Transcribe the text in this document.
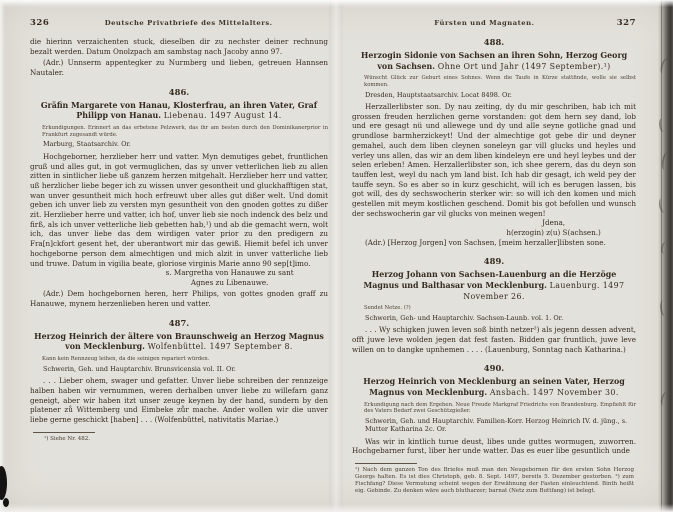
326	Deutsche Privatbriefe des Mittelalters.

die hierinn verzaichenten stuck, dieselben dir zu nechster deiner rechnung bezalt werden. Datum Onolzpach am sambstag nach Jacoby anno 97.

(Adr.) Unnserm appentegker zu Nurmberg und lieben, getreuen Hannsen Nautaler.

486.
Gräfin Margarete von Hanau, Klosterfrau, an ihren Vater, Graf Philipp von Hanau. Liebenau. 1497 August 14.
Erkundigungen. Erinnert an das erbetene Pelzwerk, das ihr am besten durch den Dominikanerprior in Frankfurt zugesandt würde.
Marburg, Staatsarchiv. Or.

Hochgeborner, herzlieber herr und vatter. Myn demutiges gebet, fruntlichen gruß und alles gut, in got vermuglichen, das sy unver vetterlichen lieb zu allen zitten in sintlicher liebe uß ganzem herzen mitgehalt. Herzlieber herr und vatter, uß herzlicher liebe beger ich zu wissen unver gesontheit und gluckhafftigen stat, wan unver gesuntheit mich hoch erfreuwt uber alles gut dißer welt. Und domit geben ich unver lieb zu versten myn gesuntheit von den gnoden gottes zu dißer zit. Herzlieber herre und vatter, ich hof, unver lieb sie noch indenck des belz und firß, als ich unver vetterliche lieb gebetten hab,¹) und ab die gemacht wern, wolt ich, das unver liebe das dem wirdigen vater prior zu den predigern zu Fra[n]ckfort gesent het, der uberantwort mir das gewiß. Hiemit befel ich unver hochgeborne person dem almechtigen und mich alzit in unver vatterliche lieb und truwe. Datum in vigilia beate, gloriose virginis Marie anno 90 sep[t]imo.

s. Margretha von Hanauwe zu sant
Agnes zu Libenauwe.

(Adr.) Dem hochgebornen heren, herr Philips, von gottes gnoden graff zu Hanauwe, mynem herzenlieben heren und vatter.

487.
Herzog Heinrich der ältere von Braunschweig an Herzog Magnus von Mecklenburg. Wolfenbüttel. 1497 September 8.
Kann kein Rennzeug leihen, da die seinigen repariert würden.
Schwerin, Geh. und Hauptarchiv. Brunsvicensia vol. II. Or.

. . . Lieber ohem, swager und gefatter. Unver liebe schreiben der rennzeige halben haben wir vernummen, weren derhalben unver liebe zu willefarn ganz geneigt, aber wir haben itzt unser zeuge keynen by der hand, sundern by den platener zů Wittemberg und Eimbeke zůr mache. Ander wollen wir die unver liebe gerne geschickt [haben] . . . (Wolfenbüttel, nativitatis Mariae.)

¹) Siehe Nr. 482.
Fürsten und Magnaten.	327
488.
Herzogin Sidonie von Sachsen an ihren Sohn, Herzog Georg von Sachsen. Ohne Ort und Jahr (1497 September).¹)
Wünscht Glück zur Geburt eines Sohnes. Wenn die Taufe in Kürze stattfinde, wolle sie selbst kommen.
Dresden, Hauptstaatsarchiv. Locat 8498. Or.

Herzallerlibster son. Dy nau zeiting, dy du mir geschriben, hab ich mit grossen freuden herzlichen gerne vorstanden: got dem hern sey dand, lob und ere gesagt nü und allewege und dy und alle seyne gotliche gnad und grundlose barmherzickeyt! Und der almechtige got gebe dir und deyner gemahel, auch dem liben cleynen soneleyn gar vill glucks und heyles und verley uns allen, das wir an dem liben kindeleyn ere und heyl leybes und der selen erleben! Amen. Herzallerlibster son, ich shee gerern, das du deyn son tauffen lest, weyl du nach ym land bist. Ich hab dir gesagt, ich weld pey der tauffe seyn. So es aber so in kurz geschicht, will ich es berugen lassen, bis got will, des dy sechswocherin sterker wir: so will ich den komen und mich gestellen mit meym kostlichen geschend. Domit bis got befollen und wunsch der sechswocherin gar vil glucks von meinen wegen!

Jdena,
h(erzogin) z(u) S(achsen.)

(Adr.) [Herzog Jorgen] von Sachsen, [meim herzaller]libsten sone.

489.
Herzog Johann von Sachsen-Lauenburg an die Herzöge Magnus und Balthasar von Mecklenburg. Lauenburg. 1497 November 26.
Sendet Netze. (?)
Schwerin, Geh- und Hauptarchiv. Sachsen-Launb. vol. 1. Or.

. . . Wy schigken juwen leven soß binth netzer²) als jegenn dessen advent, offt juwe leve wolden jegen dat fest fasten. Bidden gar fruntlich, juwe leve willen on to dangke upnhemen . . . . (Lauenburg, Sonntag nach Katharina.)

490.
Herzog Heinrich von Mecklenburg an seinen Vater, Herzog Magnus von Mecklenburg. Ansbach. 1497 November 30.
Erkundigung nach dem Ergehen. Neue Freude Markgraf Friedrichs von Brandenburg. Empfiehlt für des Vaters Bedarf zwei Geschützgießer.
Schwerin, Geh. und Hauptarchiv. Familien-Korr. Herzog Heinrich IV. d. jüng., s. Mutter Katharina 2c. Or.

Was wir in kintlich turue deust, libes unde guttes wormugen, zuworren. Hochgebarner furst, liber her unde watter. Das es euer libe gesuntlich unde

¹) Nach dem ganzen Ton des Briefes muß man den Neugebornen für den ersten Sohn Herzog Georgs halten. Es ist dies Christoph, geb. 8. Sept. 1497, bereits 5. Dezember gestorben. ²) zum Fischfang? Diese Vermutung scheint wegen der Erwähnung der Fasten einleuchtend. Binth heißt eig. Gebinde. Zu denken wäre auch blutharzer; barnat (Netz zum Buttfang) ist belegt.
